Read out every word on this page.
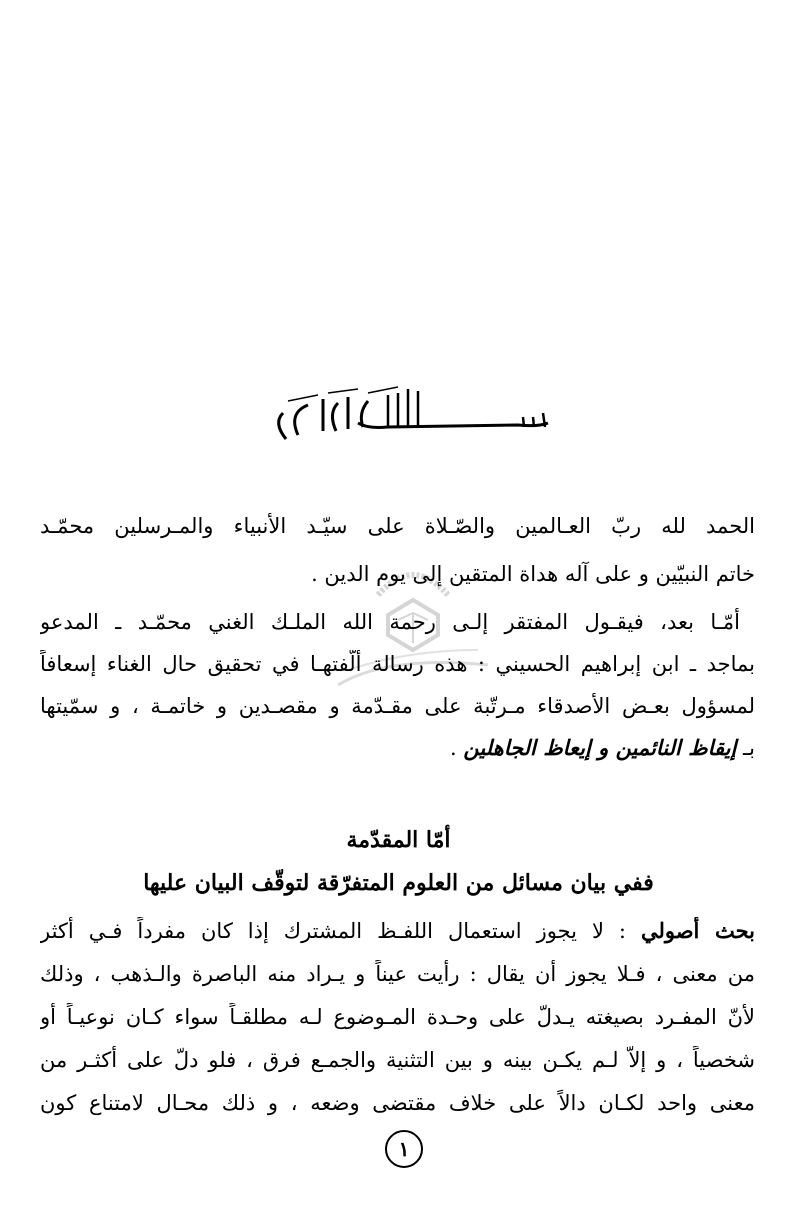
الحمد لله ربّ العـالمين والصّـلاة على سيّـد الأنبياء والمـرسلين محمّـد
خاتم النبيّين و على آله هداة المتقين إلى يوم الدين .
أمّـا بعد، فيقـول المفتقر إلـى رحمة الله الملـك الغني محمّـد ـ المدعو
بماجد ـ ابن إبراهيم الحسيني : هذه رسالة ألّفتهـا في تحقيق حال الغناء إسعافاً
لمسؤول بعـض الأصدقاء مـرتّبة على مقـدّمة و مقصـدين و خاتمـة ، و سمّيتها
بـ إيقاظ النائمين و إيعاظ الجاهلين .
أمّا المقدّمة
ففي بيان مسائل من العلوم المتفرّقة لتوقّف البيان عليها
بحث أُصولي : لا يجوز استعمال اللفـظ المشترك إذا كان مفرداً فـي أكثر
من معنى ، فـلا يجوز أن يقال : رأيت عيناً و يـراد منه الباصرة والـذهب ، وذلك
لأنّ المفـرد بصيغته يـدلّ على وحـدة المـوضوع لـه مطلقـاً سواء كـان نوعيـاً أو
شخصياً ، و إلاّ لـم يكـن بينه و بين التثنية والجمـع فرق ، فلو دلّ على أكثـر من
معنى واحد لكـان دالاً على خلاف مقتضى وضعه ، و ذلك محـال لامتناع كون
١
